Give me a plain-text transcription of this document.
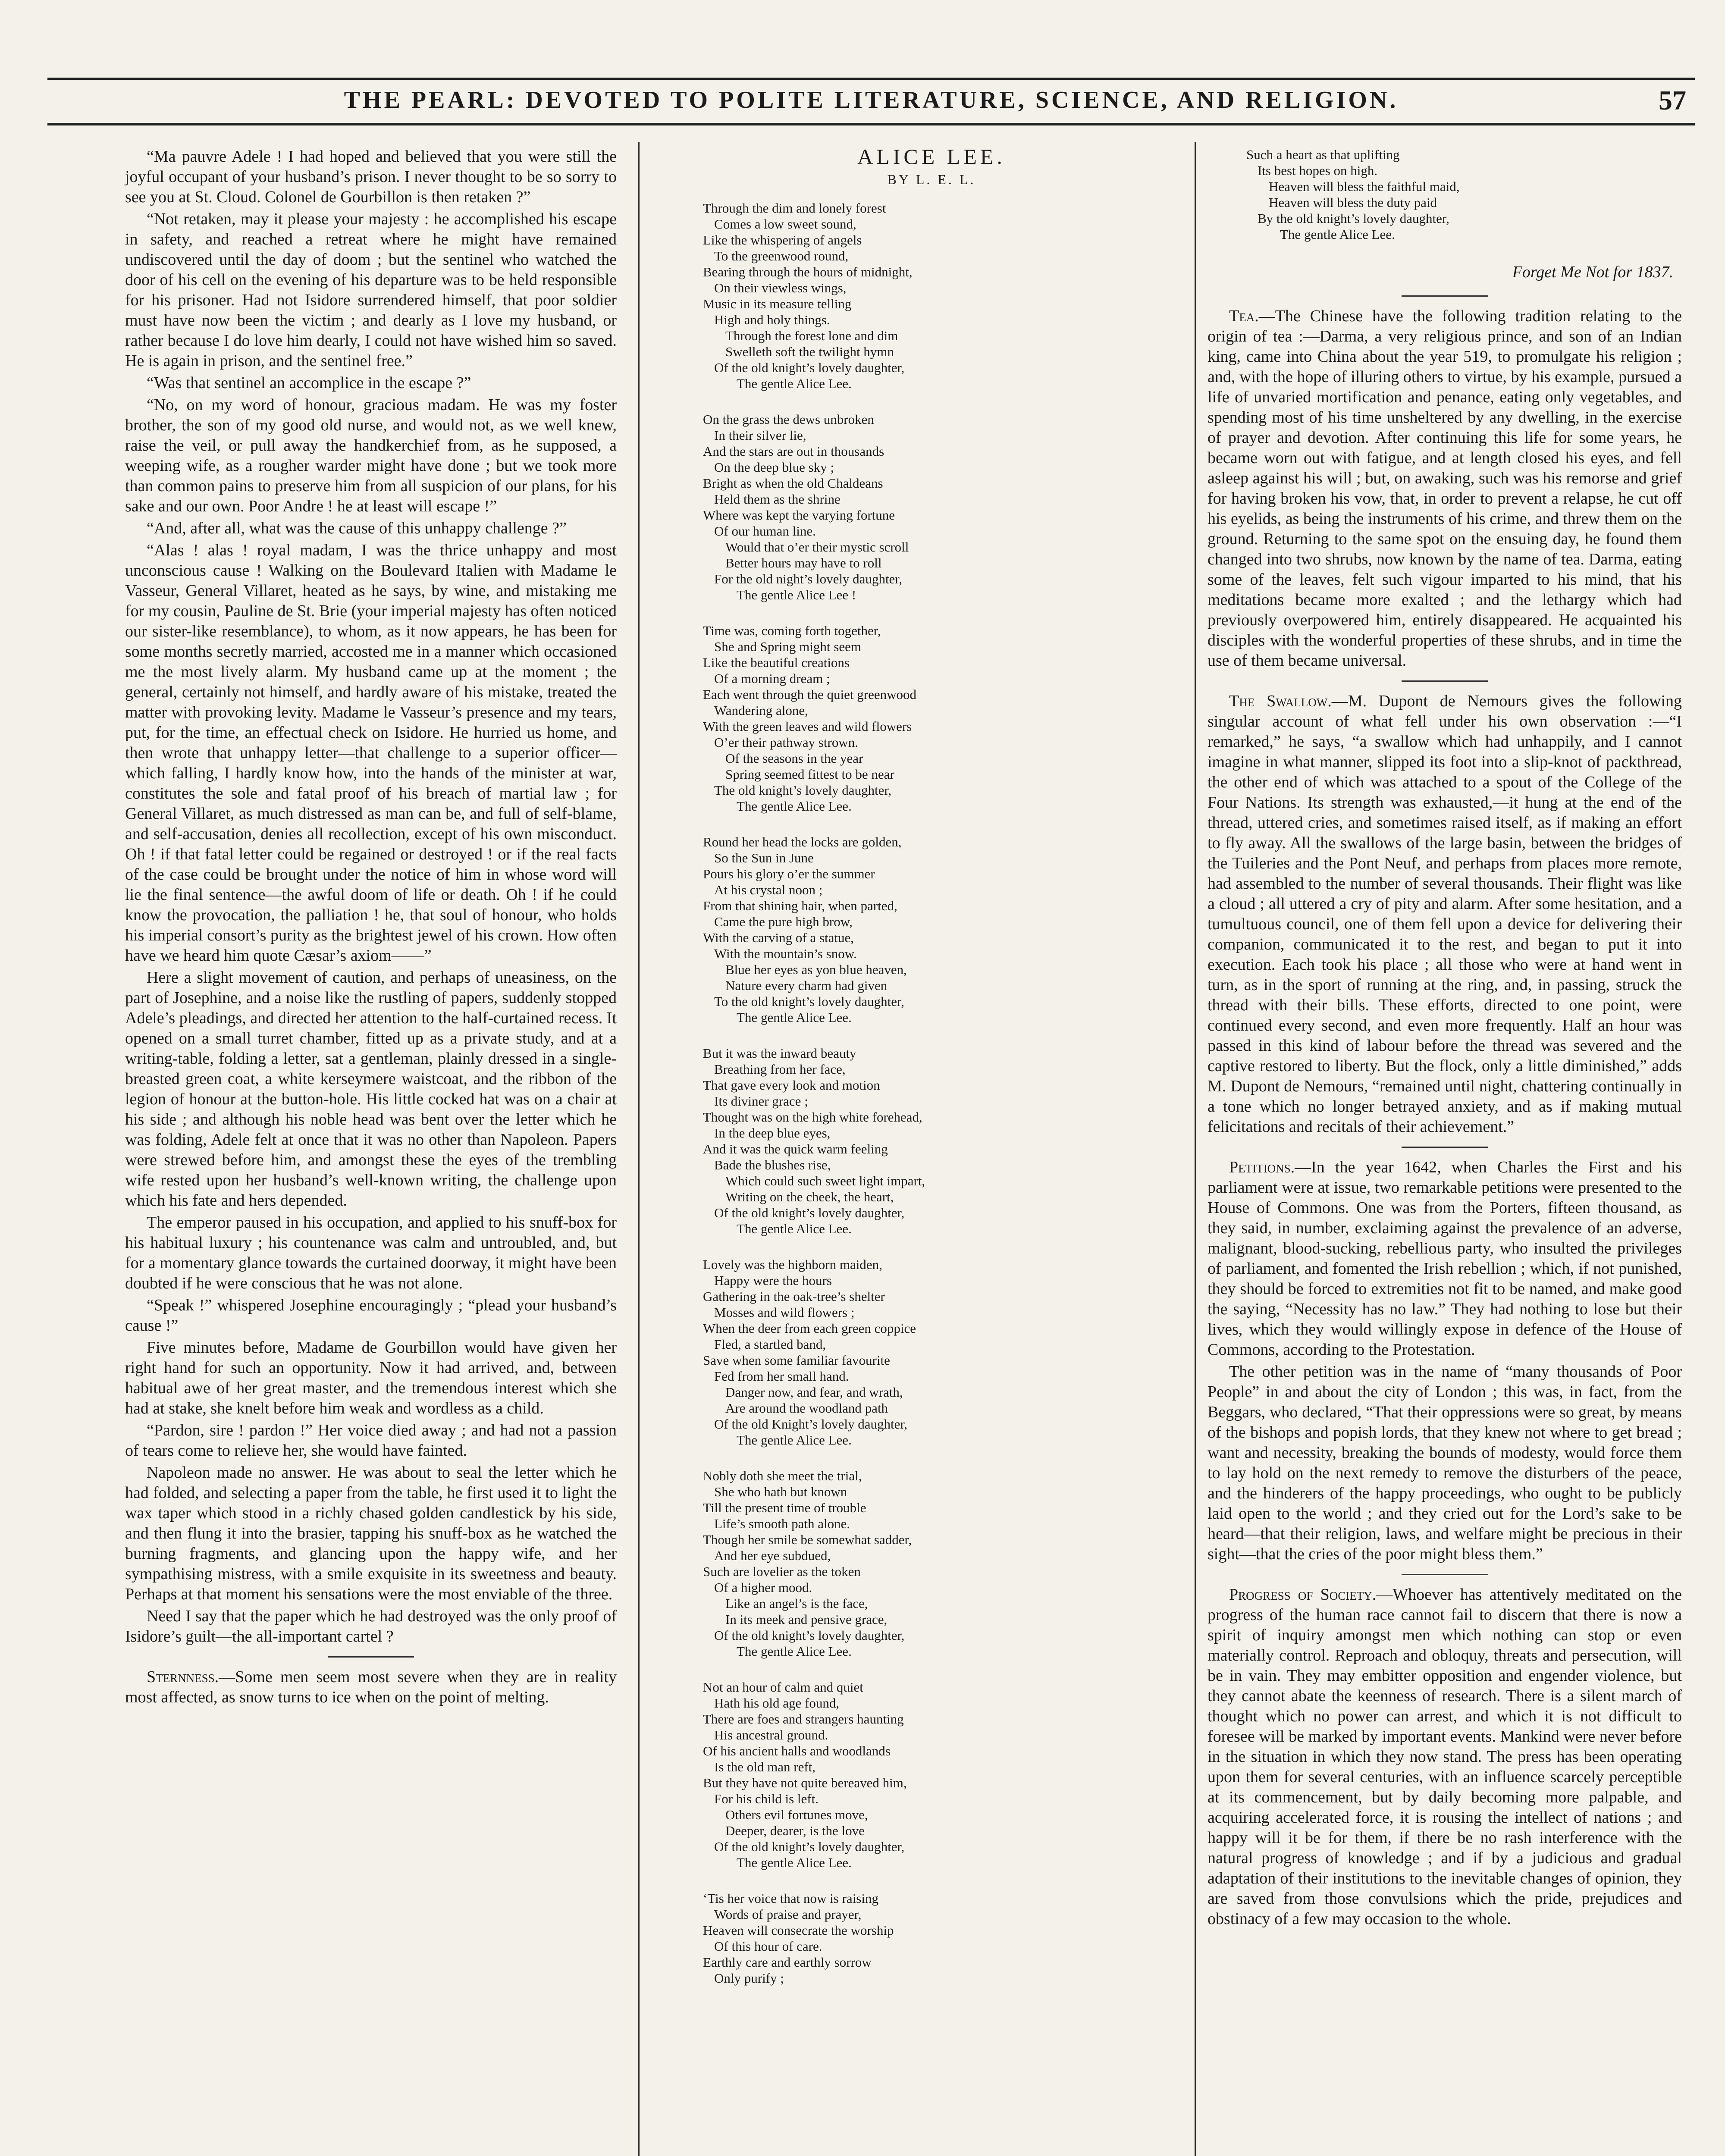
THE PEARL: DEVOTED TO POLITE LITERATURE, SCIENCE, AND RELIGION.	57

“Ma pauvre Adele ! I had hoped and believed that you were still the joyful occupant of your husband’s prison. I never thought to be so sorry to see you at St. Cloud. Colonel de Gourbillon is then retaken ?”

“Not retaken, may it please your majesty : he accomplished his escape in safety, and reached a retreat where he might have remained undiscovered until the day of doom ; but the sentinel who watched the door of his cell on the evening of his departure was to be held responsible for his prisoner. Had not Isidore surrendered himself, that poor soldier must have now been the victim ; and dearly as I love my husband, or rather because I do love him dearly, I could not have wished him so saved. He is again in prison, and the sentinel free.”

“Was that sentinel an accomplice in the escape ?”

“No, on my word of honour, gracious madam. He was my foster brother, the son of my good old nurse, and would not, as we well knew, raise the veil, or pull away the handkerchief from, as he supposed, a weeping wife, as a rougher warder might have done ; but we took more than common pains to preserve him from all suspicion of our plans, for his sake and our own. Poor Andre ! he at least will escape !”

“And, after all, what was the cause of this unhappy challenge ?”

“Alas ! alas ! royal madam, I was the thrice unhappy and most unconscious cause ! Walking on the Boulevard Italien with Madame le Vasseur, General Villaret, heated as he says, by wine, and mistaking me for my cousin, Pauline de St. Brie (your imperial majesty has often noticed our sister-like resemblance), to whom, as it now appears, he has been for some months secretly married, accosted me in a manner which occasioned me the most lively alarm. My husband came up at the moment ; the general, certainly not himself, and hardly aware of his mistake, treated the matter with provoking levity. Madame le Vasseur’s presence and my tears, put, for the time, an effectual check on Isidore. He hurried us home, and then wrote that unhappy letter—that challenge to a superior officer—which falling, I hardly know how, into the hands of the minister at war, constitutes the sole and fatal proof of his breach of martial law ; for General Villaret, as much distressed as man can be, and full of self-blame, and self-accusation, denies all recollection, except of his own misconduct. Oh ! if that fatal letter could be regained or destroyed ! or if the real facts of the case could be brought under the notice of him in whose word will lie the final sentence—the awful doom of life or death. Oh ! if he could know the provocation, the palliation ! he, that soul of honour, who holds his imperial consort’s purity as the brightest jewel of his crown. How often have we heard him quote Cæsar’s axiom——”

Here a slight movement of caution, and perhaps of uneasiness, on the part of Josephine, and a noise like the rustling of papers, suddenly stopped Adele’s pleadings, and directed her attention to the half-curtained recess. It opened on a small turret chamber, fitted up as a private study, and at a writing-table, folding a letter, sat a gentleman, plainly dressed in a single-breasted green coat, a white kerseymere waistcoat, and the ribbon of the legion of honour at the button-hole. His little cocked hat was on a chair at his side ; and although his noble head was bent over the letter which he was folding, Adele felt at once that it was no other than Napoleon. Papers were strewed before him, and amongst these the eyes of the trembling wife rested upon her husband’s well-known writing, the challenge upon which his fate and hers depended.

The emperor paused in his occupation, and applied to his snuff-box for his habitual luxury ; his countenance was calm and untroubled, and, but for a momentary glance towards the curtained doorway, it might have been doubted if he were conscious that he was not alone.

“Speak !” whispered Josephine encouragingly ; “plead your husband’s cause !”

Five minutes before, Madame de Gourbillon would have given her right hand for such an opportunity. Now it had arrived, and, between habitual awe of her great master, and the tremendous interest which she had at stake, she knelt before him weak and wordless as a child.

“Pardon, sire ! pardon !” Her voice died away ; and had not a passion of tears come to relieve her, she would have fainted.

Napoleon made no answer. He was about to seal the letter which he had folded, and selecting a paper from the table, he first used it to light the wax taper which stood in a richly chased golden candlestick by his side, and then flung it into the brasier, tapping his snuff-box as he watched the burning fragments, and glancing upon the happy wife, and her sympathising mistress, with a smile exquisite in its sweetness and beauty. Perhaps at that moment his sensations were the most enviable of the three.

Need I say that the paper which he had destroyed was the only proof of Isidore’s guilt—the all-important cartel ?

Sternness.—Some men seem most severe when they are in reality most affected, as snow turns to ice when on the point of melting.

ALICE LEE.
BY L. E. L.
Through the dim and lonely forest
Comes a low sweet sound,
Like the whispering of angels
To the greenwood round,
Bearing through the hours of midnight,
On their viewless wings,
Music in its measure telling
High and holy things.
Through the forest lone and dim
Swelleth soft the twilight hymn
Of the old knight’s lovely daughter,
The gentle Alice Lee.
On the grass the dews unbroken
In their silver lie,
And the stars are out in thousands
On the deep blue sky ;
Bright as when the old Chaldeans
Held them as the shrine
Where was kept the varying fortune
Of our human line.
Would that o’er their mystic scroll
Better hours may have to roll
For the old night’s lovely daughter,
The gentle Alice Lee !
Time was, coming forth together,
She and Spring might seem
Like the beautiful creations
Of a morning dream ;
Each went through the quiet greenwood
Wandering alone,
With the green leaves and wild flowers
O’er their pathway strown.
Of the seasons in the year
Spring seemed fittest to be near
The old knight’s lovely daughter,
The gentle Alice Lee.
Round her head the locks are golden,
So the Sun in June
Pours his glory o’er the summer
At his crystal noon ;
From that shining hair, when parted,
Came the pure high brow,
With the carving of a statue,
With the mountain’s snow.
Blue her eyes as yon blue heaven,
Nature every charm had given
To the old knight’s lovely daughter,
The gentle Alice Lee.
But it was the inward beauty
Breathing from her face,
That gave every look and motion
Its diviner grace ;
Thought was on the high white forehead,
In the deep blue eyes,
And it was the quick warm feeling
Bade the blushes rise,
Which could such sweet light impart,
Writing on the cheek, the heart,
Of the old knight’s lovely daughter,
The gentle Alice Lee.
Lovely was the highborn maiden,
Happy were the hours
Gathering in the oak-tree’s shelter
Mosses and wild flowers ;
When the deer from each green coppice
Fled, a startled band,
Save when some familiar favourite
Fed from her small hand.
Danger now, and fear, and wrath,
Are around the woodland path
Of the old Knight’s lovely daughter,
The gentle Alice Lee.
Nobly doth she meet the trial,
She who hath but known
Till the present time of trouble
Life’s smooth path alone.
Though her smile be somewhat sadder,
And her eye subdued,
Such are lovelier as the token
Of a higher mood.
Like an angel’s is the face,
In its meek and pensive grace,
Of the old knight’s lovely daughter,
The gentle Alice Lee.
Not an hour of calm and quiet
Hath his old age found,
There are foes and strangers haunting
His ancestral ground.
Of his ancient halls and woodlands
Is the old man reft,
But they have not quite bereaved him,
For his child is left.
Others evil fortunes move,
Deeper, dearer, is the love
Of the old knight’s lovely daughter,
The gentle Alice Lee.
‘Tis her voice that now is raising
Words of praise and prayer,
Heaven will consecrate the worship
Of this hour of care.
Earthly care and earthly sorrow
Only purify ;
Such a heart as that uplifting
Its best hopes on high.
Heaven will bless the faithful maid,
Heaven will bless the duty paid
By the old knight’s lovely daughter,
The gentle Alice Lee.

Forget Me Not for 1837.

Tea.—The Chinese have the following tradition relating to the origin of tea :—Darma, a very religious prince, and son of an Indian king, came into China about the year 519, to promulgate his religion ; and, with the hope of illuring others to virtue, by his example, pursued a life of unvaried mortification and penance, eating only vegetables, and spending most of his time unsheltered by any dwelling, in the exercise of prayer and devotion. After continuing this life for some years, he became worn out with fatigue, and at length closed his eyes, and fell asleep against his will ; but, on awaking, such was his remorse and grief for having broken his vow, that, in order to prevent a relapse, he cut off his eyelids, as being the instruments of his crime, and threw them on the ground. Returning to the same spot on the ensuing day, he found them changed into two shrubs, now known by the name of tea. Darma, eating some of the leaves, felt such vigour imparted to his mind, that his meditations became more exalted ; and the lethargy which had previously overpowered him, entirely disappeared. He acquainted his disciples with the wonderful properties of these shrubs, and in time the use of them became universal.

The Swallow.—M. Dupont de Nemours gives the following singular account of what fell under his own observation :—“I remarked,” he says, “a swallow which had unhappily, and I cannot imagine in what manner, slipped its foot into a slip-knot of packthread, the other end of which was attached to a spout of the College of the Four Nations. Its strength was exhausted,—it hung at the end of the thread, uttered cries, and sometimes raised itself, as if making an effort to fly away. All the swallows of the large basin, between the bridges of the Tuileries and the Pont Neuf, and perhaps from places more remote, had assembled to the number of several thousands. Their flight was like a cloud ; all uttered a cry of pity and alarm. After some hesitation, and a tumultuous council, one of them fell upon a device for delivering their companion, communicated it to the rest, and began to put it into execution. Each took his place ; all those who were at hand went in turn, as in the sport of running at the ring, and, in passing, struck the thread with their bills. These efforts, directed to one point, were continued every second, and even more frequently. Half an hour was passed in this kind of labour before the thread was severed and the captive restored to liberty. But the flock, only a little diminished,” adds M. Dupont de Nemours, “remained until night, chattering continually in a tone which no longer betrayed anxiety, and as if making mutual felicitations and recitals of their achievement.”

Petitions.—In the year 1642, when Charles the First and his parliament were at issue, two remarkable petitions were presented to the House of Commons. One was from the Porters, fifteen thousand, as they said, in number, exclaiming against the prevalence of an adverse, malignant, blood-sucking, rebellious party, who insulted the privileges of parliament, and fomented the Irish rebellion ; which, if not punished, they should be forced to extremities not fit to be named, and make good the saying, “Necessity has no law.” They had nothing to lose but their lives, which they would willingly expose in defence of the House of Commons, according to the Protestation.

The other petition was in the name of “many thousands of Poor People” in and about the city of London ; this was, in fact, from the Beggars, who declared, “That their oppressions were so great, by means of the bishops and popish lords, that they knew not where to get bread ; want and necessity, breaking the bounds of modesty, would force them to lay hold on the next remedy to remove the disturbers of the peace, and the hinderers of the happy proceedings, who ought to be publicly laid open to the world ; and they cried out for the Lord’s sake to be heard—that their religion, laws, and welfare might be precious in their sight—that the cries of the poor might bless them.”

Progress of Society.—Whoever has attentively meditated on the progress of the human race cannot fail to discern that there is now a spirit of inquiry amongst men which nothing can stop or even materially control. Reproach and obloquy, threats and persecution, will be in vain. They may embitter opposition and engender violence, but they cannot abate the keenness of research. There is a silent march of thought which no power can arrest, and which it is not difficult to foresee will be marked by important events. Mankind were never before in the situation in which they now stand. The press has been operating upon them for several centuries, with an influence scarcely perceptible at its commencement, but by daily becoming more palpable, and acquiring accelerated force, it is rousing the intellect of nations ; and happy will it be for them, if there be no rash interference with the natural progress of knowledge ; and if by a judicious and gradual adaptation of their institutions to the inevitable changes of opinion, they are saved from those convulsions which the pride, prejudices and obstinacy of a few may occasion to the whole.
